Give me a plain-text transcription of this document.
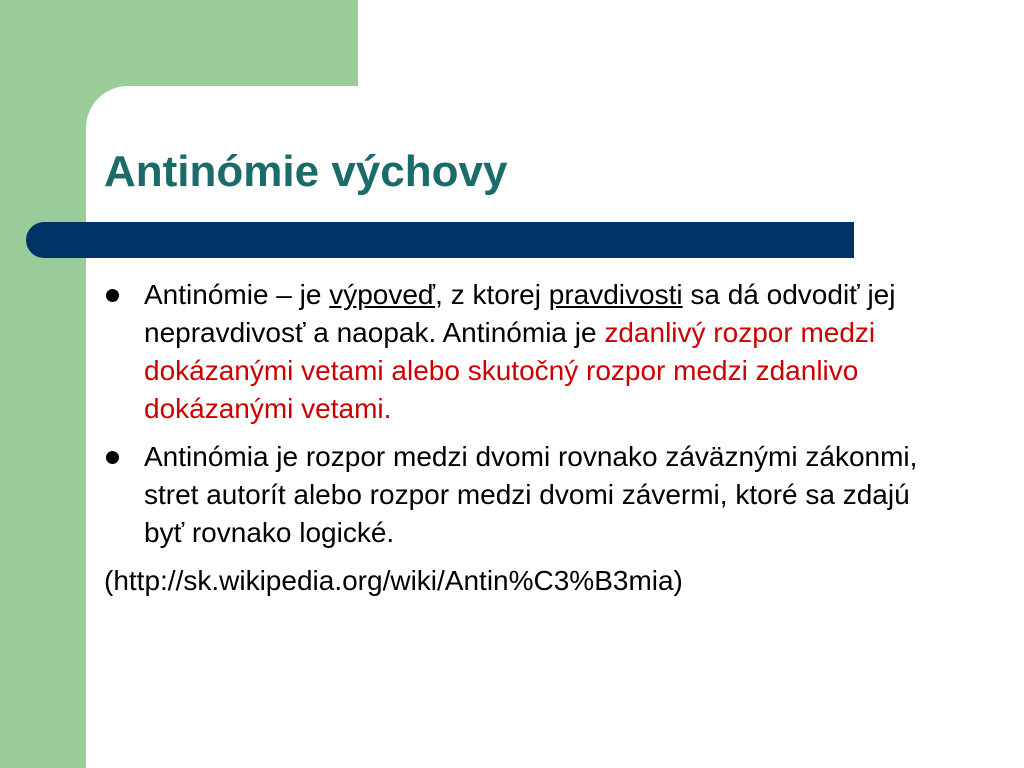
Antinómie výchovy
Antinómie – je výpoveď, z ktorej pravdivosti sa dá odvodiť jej nepravdivosť a naopak. Antinómia je zdanlivý rozpor medzi dokázanými vetami alebo skutočný rozpor medzi zdanlivo dokázanými vetami.
Antinómia je rozpor medzi dvomi rovnako záväznými zákonmi, stret autorít alebo rozpor medzi dvomi závermi, ktoré sa zdajú byť rovnako logické.
(http://sk.wikipedia.org/wiki/Antin%C3%B3mia)
